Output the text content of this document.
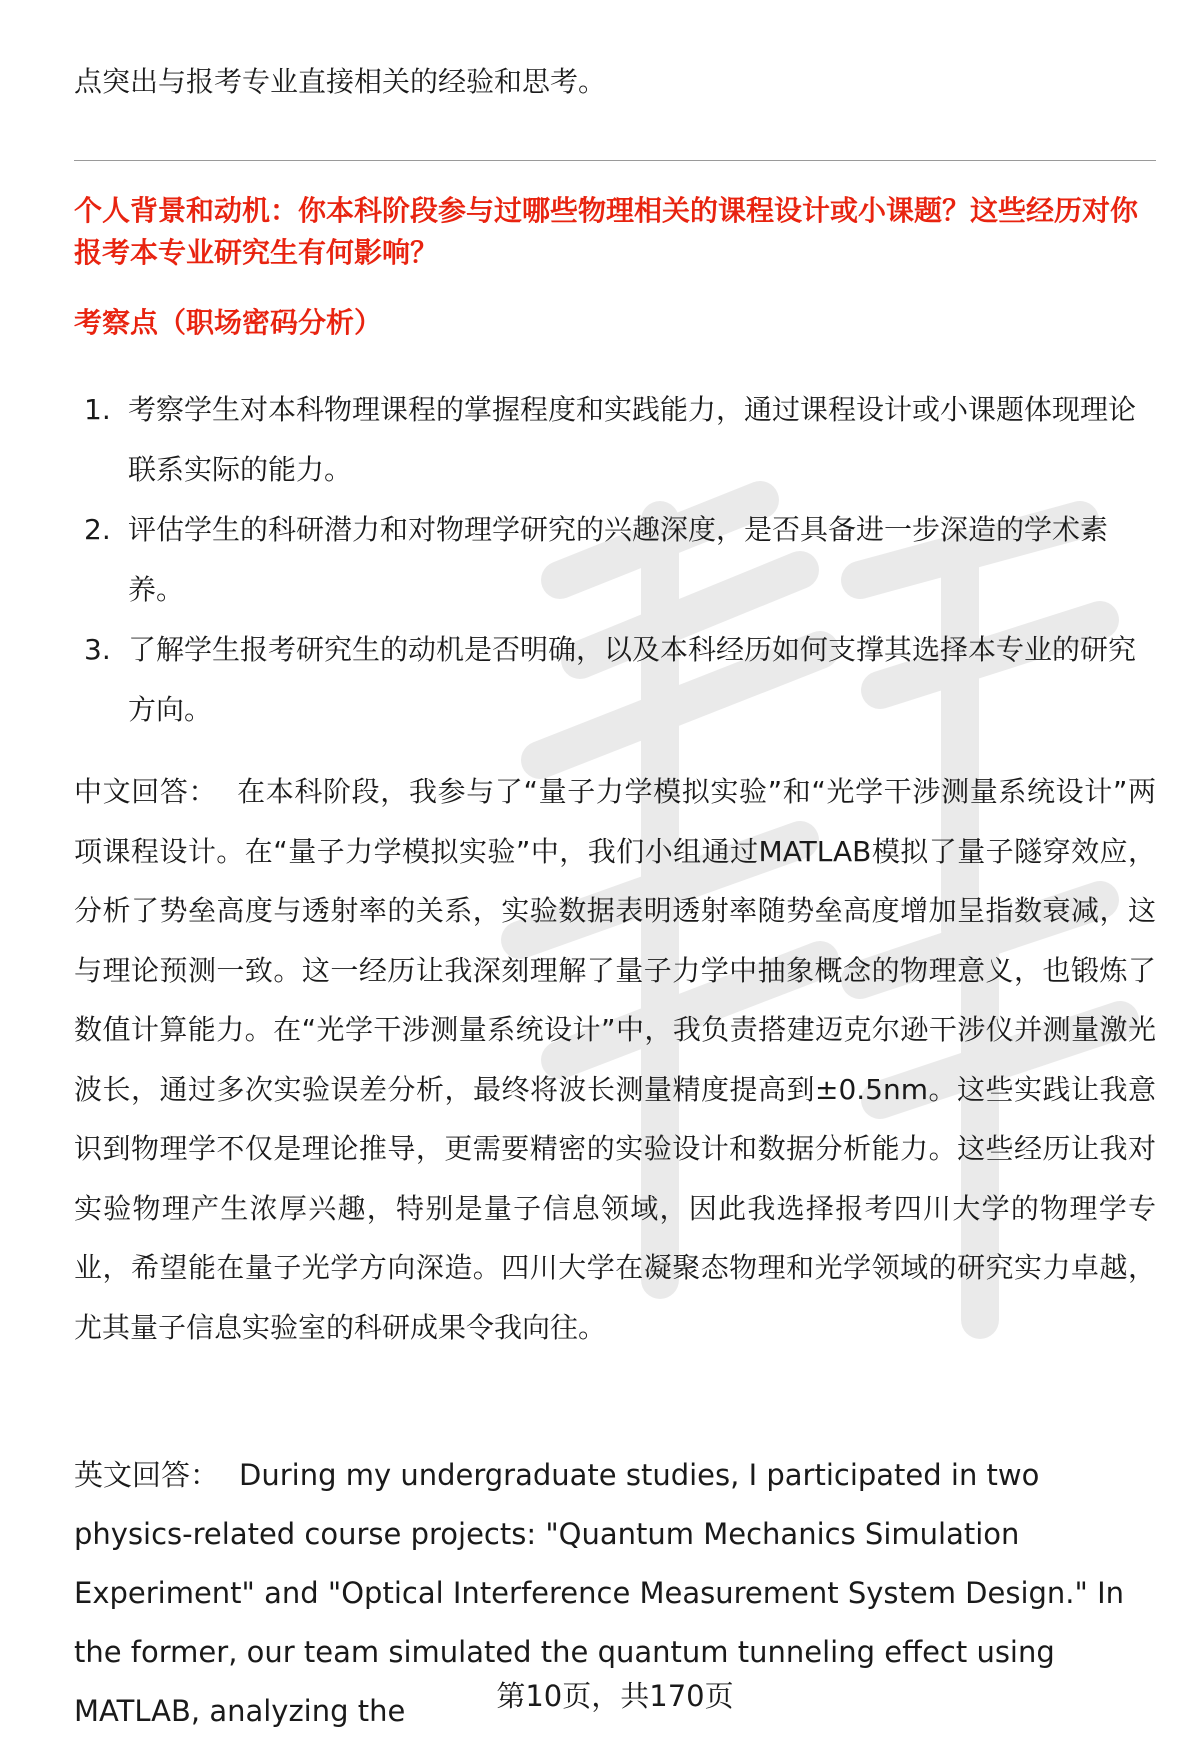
点突出与报考专业直接相关的经验和思考。
个人背景和动机：你本科阶段参与过哪些物理相关的课程设计或小课题？这些经历对你报考本专业研究生有何影响？
考察点（职场密码分析）
1. 考察学生对本科物理课程的掌握程度和实践能力，通过课程设计或小课题体现理论联系实际的能力。
2. 评估学生的科研潜力和对物理学研究的兴趣深度，是否具备进一步深造的学术素养。
3. 了解学生报考研究生的动机是否明确，以及本科经历如何支撑其选择本专业的研究方向。
中文回答： 在本科阶段，我参与了“量子力学模拟实验”和“光学干涉测量系统设计”两项课程设计。在“量子力学模拟实验”中，我们小组通过MATLAB模拟了量子隧穿效应，分析了势垒高度与透射率的关系，实验数据表明透射率随势垒高度增加呈指数衰减，这与理论预测一致。这一经历让我深刻理解了量子力学中抽象概念的物理意义，也锻炼了数值计算能力。在“光学干涉测量系统设计”中，我负责搭建迈克尔逊干涉仪并测量激光波长，通过多次实验误差分析，最终将波长测量精度提高到±0.5nm。这些实践让我意识到物理学不仅是理论推导，更需要精密的实验设计和数据分析能力。这些经历让我对实验物理产生浓厚兴趣，特别是量子信息领域，因此我选择报考四川大学的物理学专业，希望能在量子光学方向深造。四川大学在凝聚态物理和光学领域的研究实力卓越，尤其量子信息实验室的科研成果令我向往。
英文回答： During my undergraduate studies, I participated in two physics-related course projects: "Quantum Mechanics Simulation Experiment" and "Optical Interference Measurement System Design." In the former, our team simulated the quantum tunneling effect using MATLAB, analyzing the	第10页，共170页
